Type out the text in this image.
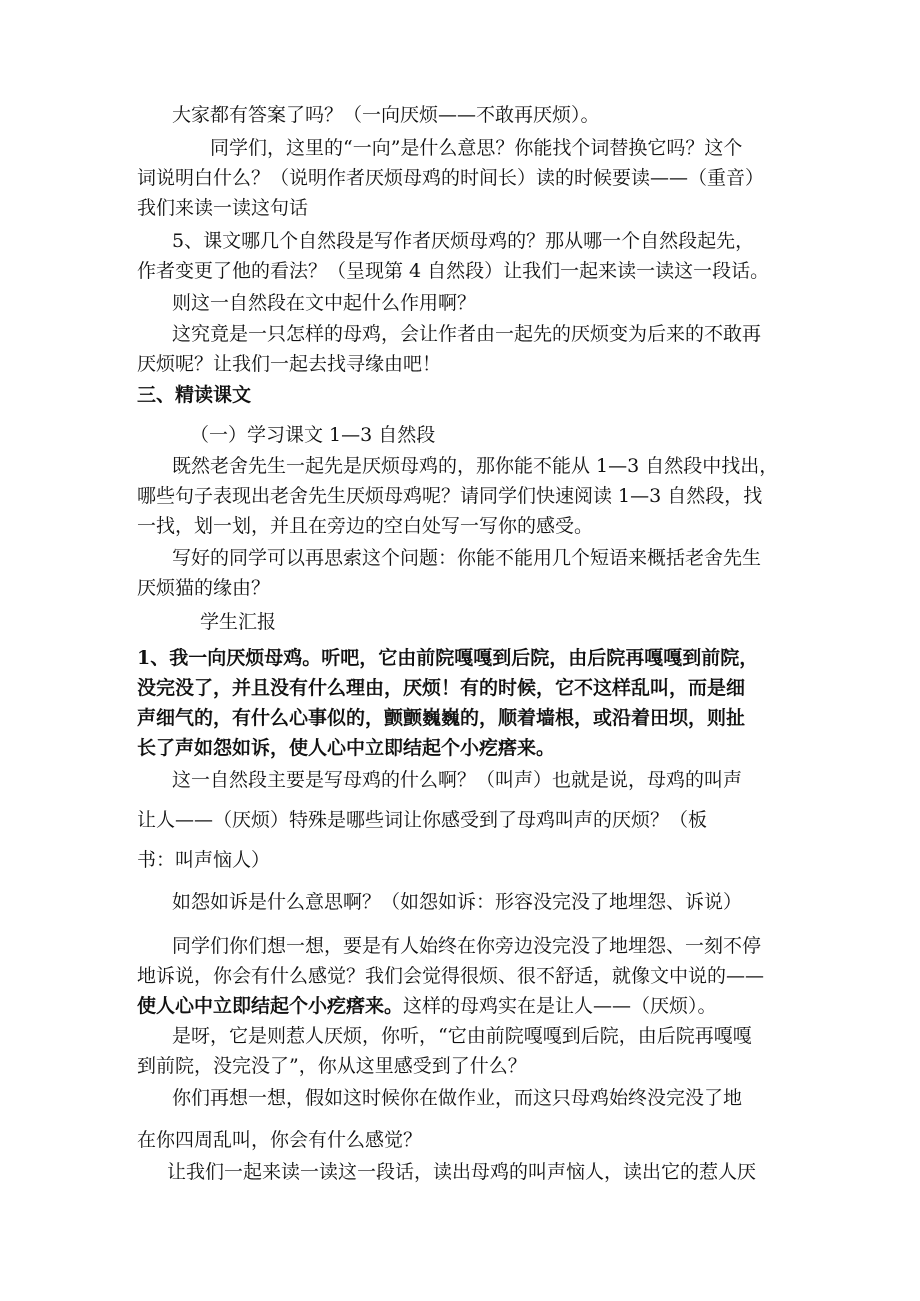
大家都有答案了吗？（一向厌烦——不敢再厌烦）。

同学们，这里的“一向”是什么意思？你能找个词替换它吗？这个

词说明白什么？（说明作者厌烦母鸡的时间长）读的时候要读——（重音）

我们来读一读这句话

5、课文哪几个自然段是写作者厌烦母鸡的？那从哪一个自然段起先，

作者变更了他的看法？（呈现第 4 自然段）让我们一起来读一读这一段话。

则这一自然段在文中起什么作用啊？

这究竟是一只怎样的母鸡，会让作者由一起先的厌烦变为后来的不敢再

厌烦呢？让我们一起去找寻缘由吧！

三、精读课文

（一）学习课文 1—3 自然段

既然老舍先生一起先是厌烦母鸡的，那你能不能从 1—3 自然段中找出，

哪些句子表现出老舍先生厌烦母鸡呢？请同学们快速阅读 1—3 自然段，找

一找，划一划，并且在旁边的空白处写一写你的感受。

写好的同学可以再思索这个问题：你能不能用几个短语来概括老舍先生

厌烦猫的缘由？

学生汇报

1、我一向厌烦母鸡。听吧，它由前院嘎嘎到后院，由后院再嘎嘎到前院，

没完没了，并且没有什么理由，厌烦！有的时候，它不这样乱叫，而是细

声细气的，有什么心事似的，颤颤巍巍的，顺着墙根，或沿着田坝，则扯

长了声如怨如诉，使人心中立即结起个小疙瘩来。

这一自然段主要是写母鸡的什么啊？（叫声）也就是说，母鸡的叫声

让人——（厌烦）特殊是哪些词让你感受到了母鸡叫声的厌烦？（板

书：叫声恼人）

如怨如诉是什么意思啊？（如怨如诉：形容没完没了地埋怨、诉说）

同学们你们想一想，要是有人始终在你旁边没完没了地埋怨、一刻不停

地诉说，你会有什么感觉？我们会觉得很烦、很不舒适，就像文中说的——

使人心中立即结起个小疙瘩来。这样的母鸡实在是让人——（厌烦）。

是呀，它是则惹人厌烦，你听，“它由前院嘎嘎到后院，由后院再嘎嘎

到前院，没完没了”，你从这里感受到了什么？

你们再想一想，假如这时候你在做作业，而这只母鸡始终没完没了地

在你四周乱叫，你会有什么感觉？

让我们一起来读一读这一段话，读出母鸡的叫声恼人，读出它的惹人厌
